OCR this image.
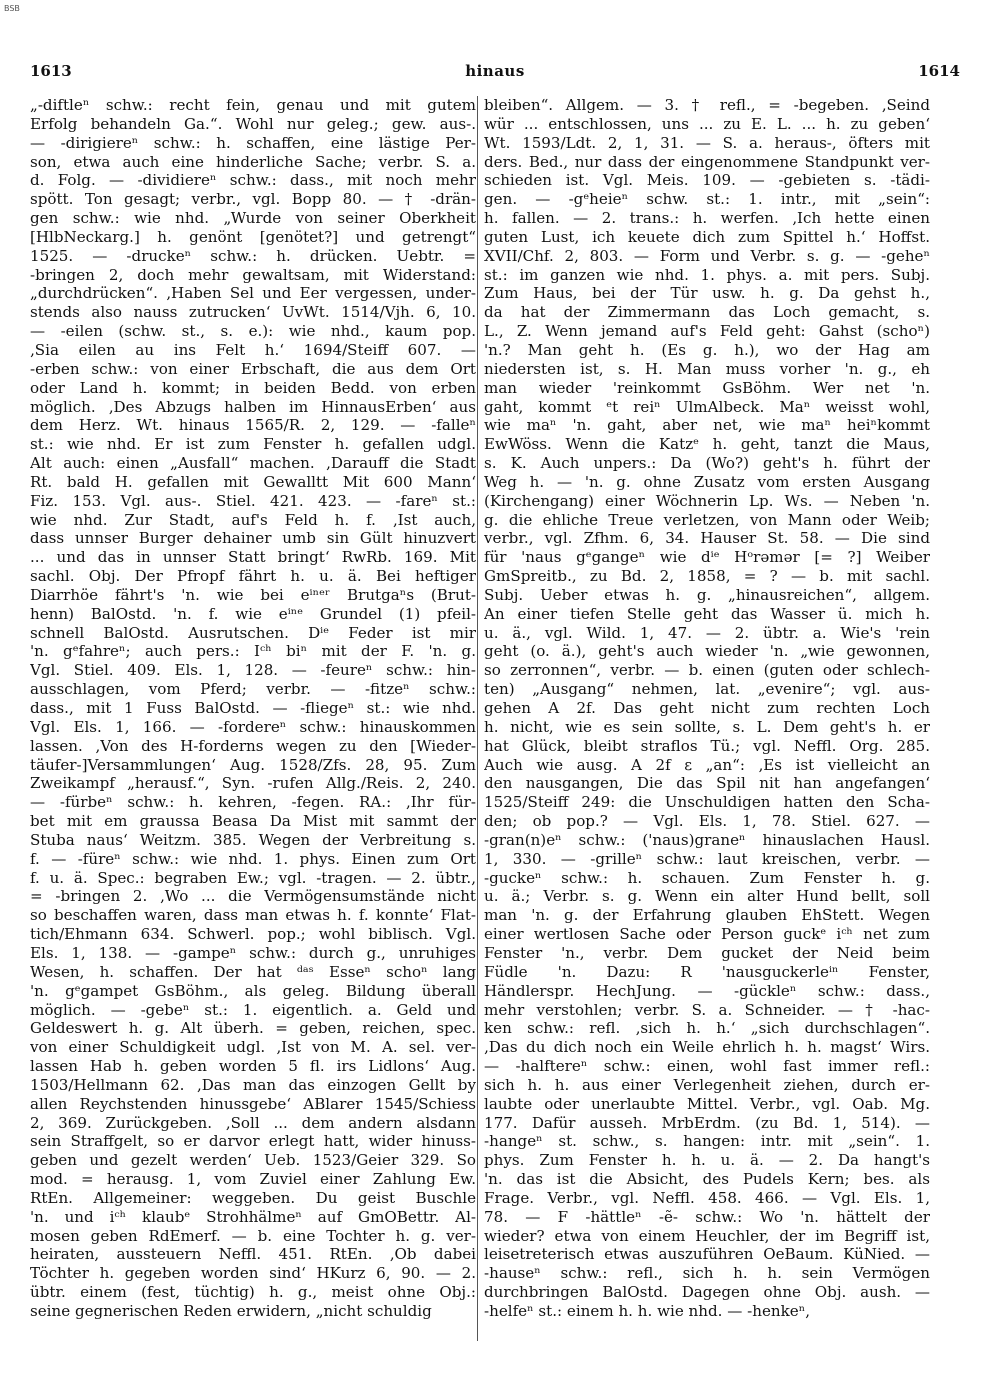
BSB
1613	hinaus	1614
„-diftleⁿ schw.: recht fein, genau und mit gutem
Erfolg behandeln Ga.“. Wohl nur geleg.; gew. aus-.
— -dirigiereⁿ schw.: h. schaffen, eine lästige Per-
son, etwa auch eine hinderliche Sache; verbr. S. a.
d. Folg. — -dividiereⁿ schw.: dass., mit noch mehr
spött. Ton gesagt; verbr., vgl. Bopp 80. — † -drän-
gen schw.: wie nhd. „Wurde von seiner Oberkheit
[HlbNeckarg.] h. genönt [genötet?] und getrengt“
1525. — -druckeⁿ schw.: h. drücken. Uebtr. =
-bringen 2, doch mehr gewaltsam, mit Widerstand:
„durchdrücken“. ‚Haben Sel und Eer vergessen, under-
stends also nauss zutrucken‘ UvWt. 1514/Vjh. 6, 10.
— -eilen (schw. st., s. e.): wie nhd., kaum pop.
‚Sia eilen au ins Felt h.‘ 1694/Steiff 607. —
-erben schw.: von einer Erbschaft, die aus dem Ort
oder Land h. kommt; in beiden Bedd. von erben
möglich. ‚Des Abzugs halben im HinnausErben‘ aus
dem Herz. Wt. hinaus 1565/R. 2, 129. — -falleⁿ
st.: wie nhd. Er ist zum Fenster h. gefallen udgl.
Alt auch: einen „Ausfall“ machen. ‚Darauff die Stadt
Rt. bald H. gefallen mit Gewalltt Mit 600 Mann‘
Fiz. 153. Vgl. aus-. Stiel. 421. 423. — -fareⁿ st.:
wie nhd. Zur Stadt, auf's Feld h. f. ‚Ist auch,
dass unnser Burger dehainer umb sin Gült hinuzvert
... und das in unnser Statt bringt‘ RwRb. 169. Mit
sachl. Obj. Der Pfropf fährt h. u. ä. Bei heftiger
Diarrhöe fährt's 'n. wie bei eⁱⁿᵉʳ Brutgaⁿs (Brut-
henn) BalOstd. 'n. f. wie eⁱⁿᵉ Grundel (1) pfeil-
schnell BalOstd. Ausrutschen. Dⁱᵉ Feder ist mir
'n. gᵉfahreⁿ; auch pers.: Iᶜʰ biⁿ mit der F. 'n. g.
Vgl. Stiel. 409. Els. 1, 128. — -feureⁿ schw.: hin-
ausschlagen, vom Pferd; verbr. — -fitzeⁿ schw.:
dass., mit 1 Fuss BalOstd. — -fliegeⁿ st.: wie nhd.
Vgl. Els. 1, 166. — -fordereⁿ schw.: hinauskommen
lassen. ‚Von des H-forderns wegen zu den [Wieder-
täufer-]Versammlungen‘ Aug. 1528/Zfs. 28, 95. Zum
Zweikampf „herausf.“, Syn. -rufen Allg./Reis. 2, 240.
— -fürbeⁿ schw.: h. kehren, -fegen. RA.: ‚Ihr für-
bet mit em graussa Beasa Da Mist mit sammt der
Stuba naus‘ Weitzm. 385. Wegen der Verbreitung s.
f. — -füreⁿ schw.: wie nhd. 1. phys. Einen zum Ort
f. u. ä. Spec.: begraben Ew.; vgl. -tragen. — 2. übtr.,
= -bringen 2. ‚Wo ... die Vermögensumstände nicht
so beschaffen waren, dass man etwas h. f. konnte‘ Flat-
tich/Ehmann 634. Schwerl. pop.; wohl biblisch. Vgl.
Els. 1, 138. — -gampeⁿ schw.: durch g., unruhiges
Wesen, h. schaffen. Der hat ᵈᵃˢ Esseⁿ schoⁿ lang
'n. gᵉgampet GsBöhm., als geleg. Bildung überall
möglich. — -gebeⁿ st.: 1. eigentlich. a. Geld und
Geldeswert h. g. Alt überh. = geben, reichen, spec.
von einer Schuldigkeit udgl. ‚Ist von M. A. sel. ver-
lassen Hab h. geben worden 5 fl. irs Lidlons‘ Aug.
1503/Hellmann 62. ‚Das man das einzogen Gellt by
allen Reychstenden hinussgebe‘ ABlarer 1545/Schiess
2, 369. Zurückgeben. ‚Soll ... dem andern alsdann
sein Straffgelt, so er darvor erlegt hatt, wider hinuss-
geben und gezelt werden‘ Ueb. 1523/Geier 329. So
mod. = herausg. 1, vom Zuviel einer Zahlung Ew.
RtEn. Allgemeiner: weggeben. Du geist Buschle
'n. und iᶜʰ klaubᵉ Strohhälmeⁿ auf GmOBettr. Al-
mosen geben RdEmerf. — b. eine Tochter h. g. ver-
heiraten, aussteuern Neffl. 451. RtEn. ‚Ob dabei
Töchter h. gegeben worden sind‘ HKurz 6, 90. — 2.
übtr. einem (fest, tüchtig) h. g., meist ohne Obj.:
seine gegnerischen Reden erwidern, „nicht schuldig
bleiben“. Allgem. — 3. † refl., = -begeben. ‚Seind
wür ... entschlossen, uns ... zu E. L. ... h. zu geben‘
Wt. 1593/Ldt. 2, 1, 31. — S. a. heraus-, öfters mit
ders. Bed., nur dass der eingenommene Standpunkt ver-
schieden ist. Vgl. Meis. 109. — -gebieten s. -tädi-
gen. — -gᵉheieⁿ schw. st.: 1. intr., mit „sein“:
h. fallen. — 2. trans.: h. werfen. ‚Ich hette einen
guten Lust, ich keuete dich zum Spittel h.‘ Hoffst.
XVII/Chf. 2, 803. — Form und Verbr. s. g. — -geheⁿ
st.: im ganzen wie nhd. 1. phys. a. mit pers. Subj.
Zum Haus, bei der Tür usw. h. g. Da gehst h.,
da hat der Zimmermann das Loch gemacht, s.
L., Z. Wenn jemand auf's Feld geht: Gahst (schoⁿ)
'n.? Man geht h. (Es g. h.), wo der Hag am
niedersten ist, s. H. Man muss vorher 'n. g., eh
man wieder 'reinkommt GsBöhm. Wer net 'n.
gaht, kommt ᵉt reiⁿ UlmAlbeck. Maⁿ weisst wohl,
wie maⁿ 'n. gaht, aber net, wie maⁿ heiⁿkommt
EwWöss. Wenn die Katzᵉ h. geht, tanzt die Maus,
s. K. Auch unpers.: Da (Wo?) geht's h. führt der
Weg h. — 'n. g. ohne Zusatz vom ersten Ausgang
(Kirchengang) einer Wöchnerin Lp. Ws. — Neben 'n.
g. die ehliche Treue verletzen, von Mann oder Weib;
verbr., vgl. Zfhm. 6, 34. Hauser St. 58. — Die sind
für 'naus gᵉgangeⁿ wie dⁱᵉ Hᵒrəmər [= ?] Weiber
GmSpreitb., zu Bd. 2, 1858, = ? — b. mit sachl.
Subj. Ueber etwas h. g. „hinausreichen“, allgem.
An einer tiefen Stelle geht das Wasser ü. mich h.
u. ä., vgl. Wild. 1, 47. — 2. übtr. a. Wie's 'rein
geht (o. ä.), geht's auch wieder 'n. „wie gewonnen,
so zerronnen“, verbr. — b. einen (guten oder schlech-
ten) „Ausgang“ nehmen, lat. „evenire“; vgl. aus-
gehen A 2f. Das geht nicht zum rechten Loch
h. nicht, wie es sein sollte, s. L. Dem geht's h. er
hat Glück, bleibt straflos Tü.; vgl. Neffl. Org. 285.
Auch wie ausg. A 2f ε „an“: ‚Es ist vielleicht an
den nausgangen, Die das Spil nit han angefangen‘
1525/Steiff 249: die Unschuldigen hatten den Scha-
den; ob pop.? — Vgl. Els. 1, 78. Stiel. 627. —
-gran(n)eⁿ schw.: ('naus)graneⁿ hinauslachen Hausl.
1, 330. — -grilleⁿ schw.: laut kreischen, verbr. —
-guckeⁿ schw.: h. schauen. Zum Fenster h. g.
u. ä.; Verbr. s. g. Wenn ein alter Hund bellt, soll
man 'n. g. der Erfahrung glauben EhStett. Wegen
einer wertlosen Sache oder Person guckᵉ iᶜʰ net zum
Fenster 'n., verbr. Dem gucket der Neid beim
Füdle 'n. Dazu: R 'nausguckerleⁱⁿ Fenster,
Händlerspr. HechJung. — -gückleⁿ schw.: dass.,
mehr verstohlen; verbr. S. a. Schneider. — † -hac-
ken schw.: refl. ‚sich h. h.‘ „sich durchschlagen“.
‚Das du dich noch ein Weile ehrlich h. h. magst‘ Wirs.
— -halftereⁿ schw.: einen, wohl fast immer refl.:
sich h. h. aus einer Verlegenheit ziehen, durch er-
laubte oder unerlaubte Mittel. Verbr., vgl. Oab. Mg.
177. Dafür ausseh. MrbErdm. (zu Bd. 1, 514). —
-hangeⁿ st. schw., s. hangen: intr. mit „sein“. 1.
phys. Zum Fenster h. h. u. ä. — 2. Da hangt's
'n. das ist die Absicht, des Pudels Kern; bes. als
Frage. Verbr., vgl. Neffl. 458. 466. — Vgl. Els. 1,
78. — F -hättleⁿ -ẽ- schw.: Wo 'n. hättelt der
wieder? etwa von einem Heuchler, der im Begriff ist,
leisetreterisch etwas auszuführen OeBaum. KüNied. —
-hauseⁿ schw.: refl., sich h. h. sein Vermögen
durchbringen BalOstd. Dagegen ohne Obj. aush. —
-helfeⁿ st.: einem h. h. wie nhd. — -henkeⁿ,
